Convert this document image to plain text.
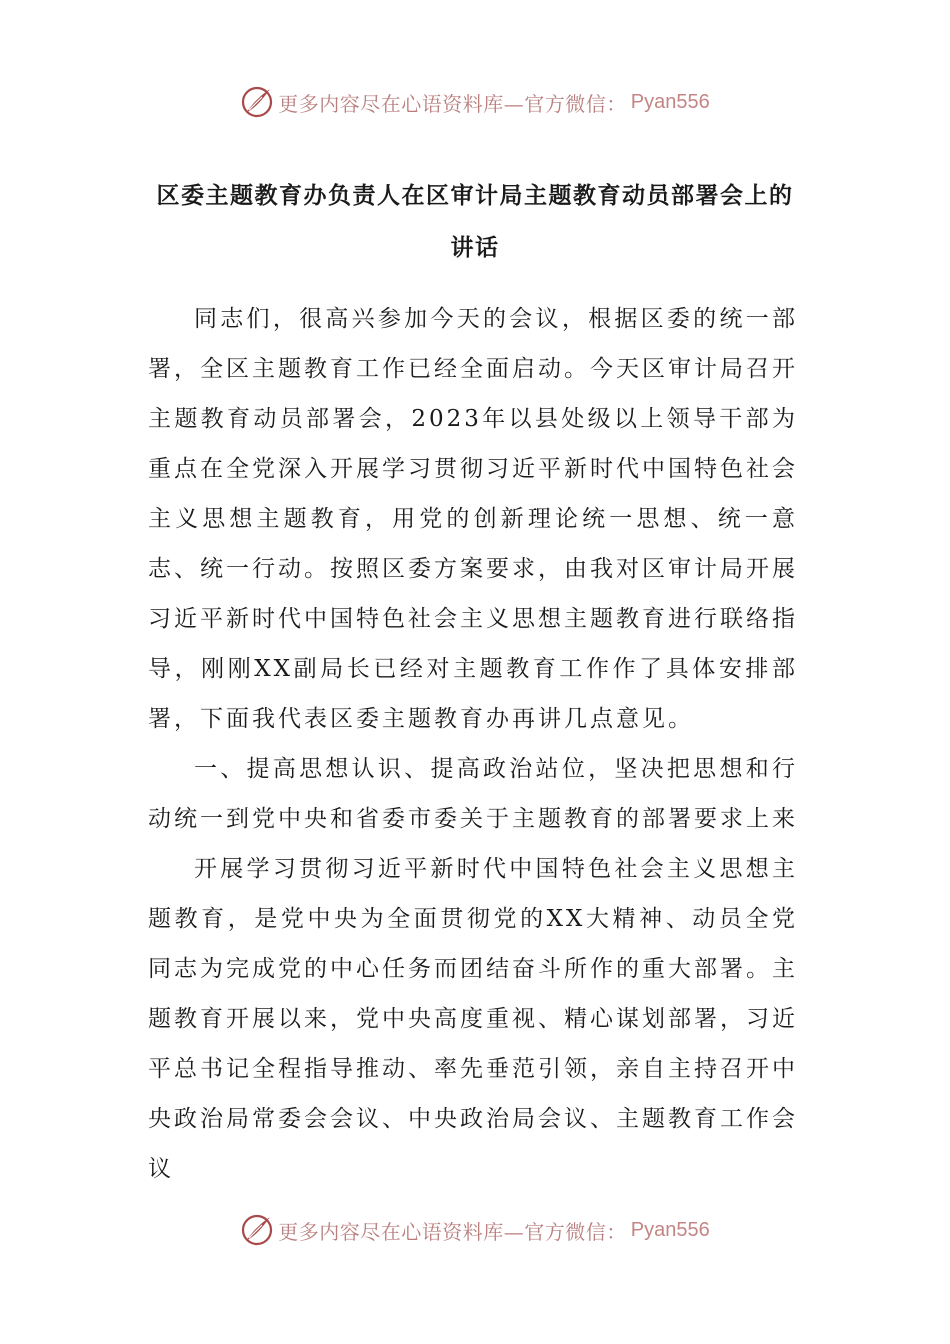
更多内容尽在心语资料库—官方微信： Pyan556
区委主题教育办负责人在区审计局主题教育动员部署会上的讲话

同志们，很高兴参加今天的会议，根据区委的统一部署，全区主题教育工作已经全面启动。今天区审计局召开主题教育动员部署会，2023年以县处级以上领导干部为重点在全党深入开展学习贯彻习近平新时代中国特色社会主义思想主题教育，用党的创新理论统一思想、统一意志、统一行动。按照区委方案要求，由我对区审计局开展习近平新时代中国特色社会主义思想主题教育进行联络指导，刚刚XX副局长已经对主题教育工作作了具体安排部署，下面我代表区委主题教育办再讲几点意见。

一、提高思想认识、提高政治站位，坚决把思想和行动统一到党中央和省委市委关于主题教育的部署要求上来

开展学习贯彻习近平新时代中国特色社会主义思想主题教育，是党中央为全面贯彻党的XX大精神、动员全党同志为完成党的中心任务而团结奋斗所作的重大部署。主题教育开展以来，党中央高度重视、精心谋划部署，习近平总书记全程指导推动、率先垂范引领，亲自主持召开中央政治局常委会会议、中央政治局会议、主题教育工作会议

更多内容尽在心语资料库—官方微信： Pyan556
